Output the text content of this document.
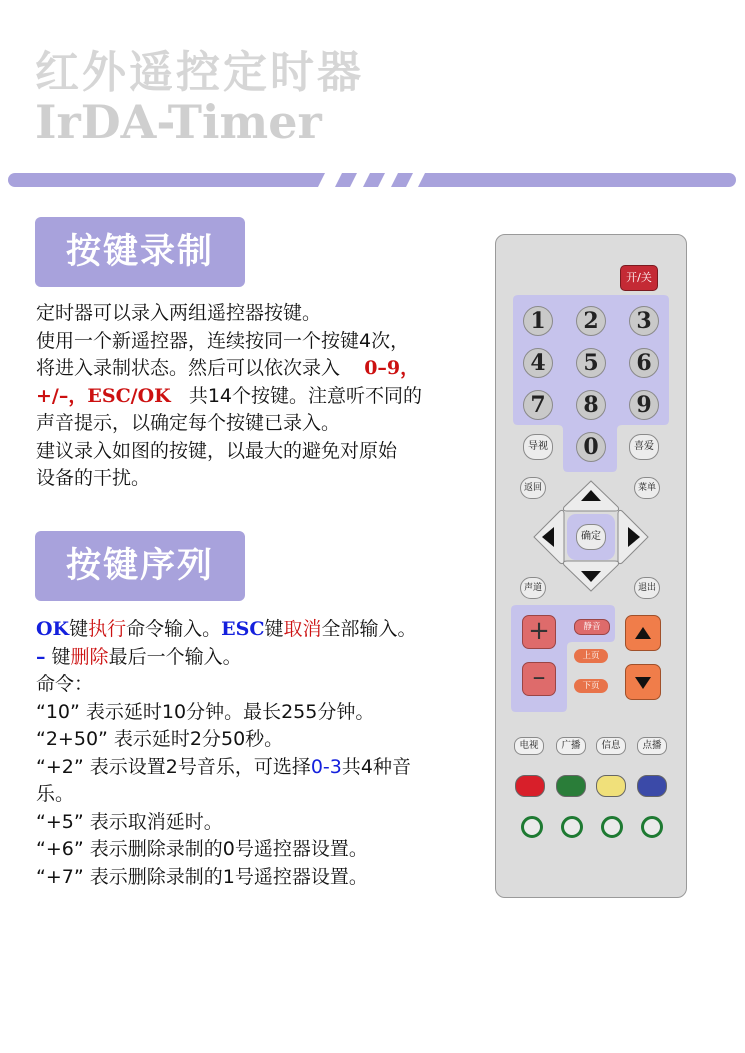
红外遥控定时器
IrDA-Timer
按键录制

定时器可以录入两组遥控器按键。

使用一个新遥控器，连续按同一个按键4次，

将进入录制状态。然后可以依次录入 0–9，

+/–，ESC/OK 共14个按键。注意听不同的

声音提示，以确定每个按键已录入。

建议录入如图的按键，以最大的避免对原始

设备的干扰。

按键序列

OK键执行命令输入。ESC键取消全部输入。

– 键删除最后一个输入。

命令：

“10” 表示延时10分钟。最长255分钟。

“2+50” 表示延时2分50秒。

“+2” 表示设置2号音乐，可选择0-3共4种音

乐。

“+5” 表示取消延时。

“+6” 表示删除录制的0号遥控器设置。

“+7” 表示删除录制的1号遥控器设置。

开/关
1	2	3
4	5	6
7	8	9
0
导视	喜爱
返回	菜单
确定
声道	退出
+
–
静音
上页
下页
电视	广播	信息	点播
